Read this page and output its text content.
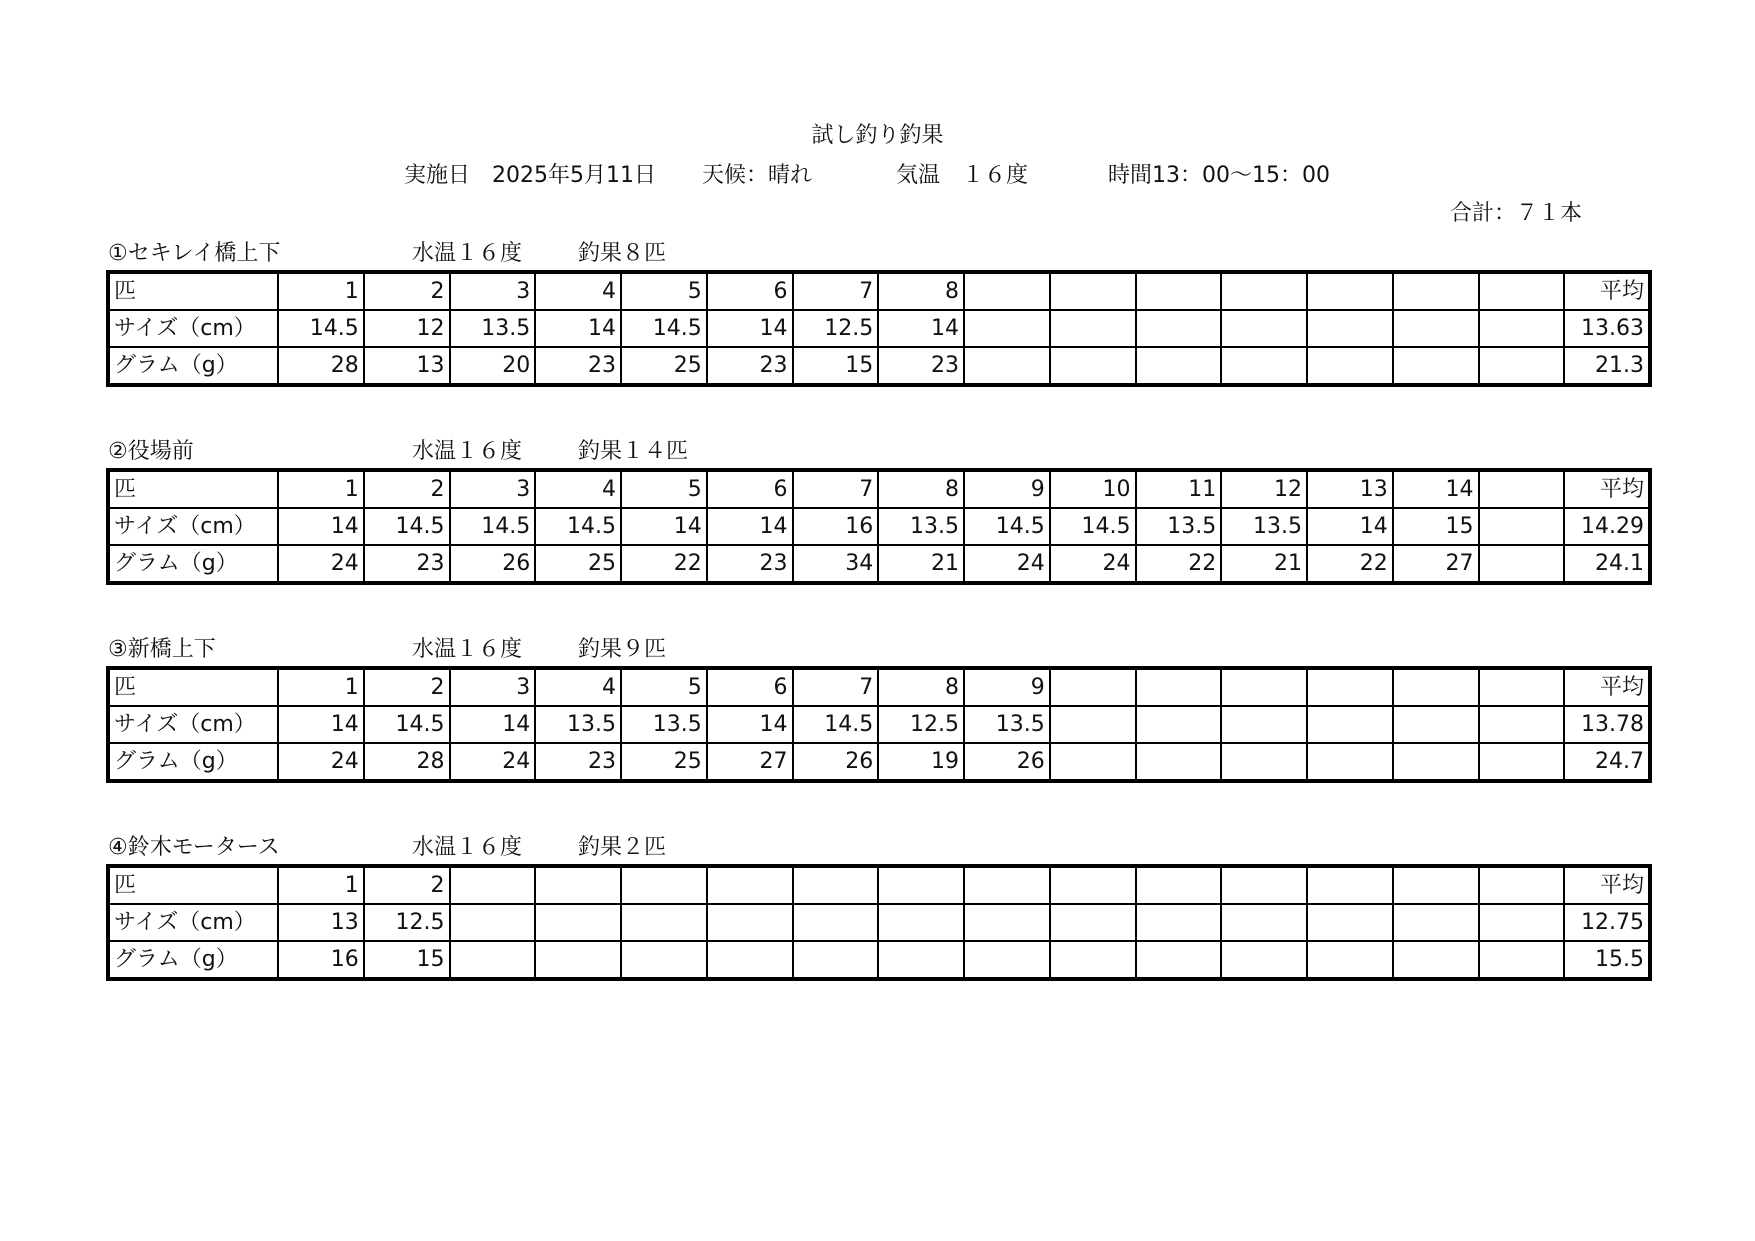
試し釣り釣果
実施日　2025年5月11日 天候：晴れ	気温　１６度	時間13：00～15：00
合計：７１本
①セキレイ橋上下	水温１６度	釣果８匹
匹	1	2	3	4	5	6	7	8								平均
サイズ（cm）	14.5	12	13.5	14	14.5	14	12.5	14								13.63
グラム（g）	28	13	20	23	25	23	15	23								21.3
②役場前	水温１６度	釣果１４匹
匹	1	2	3	4	5	6	7	8	9	10	11	12	13	14		平均
サイズ（cm）	14	14.5	14.5	14.5	14	14	16	13.5	14.5	14.5	13.5	13.5	14	15		14.29
グラム（g）	24	23	26	25	22	23	34	21	24	24	22	21	22	27		24.1
③新橋上下	水温１６度	釣果９匹
匹	1	2	3	4	5	6	7	8	9							平均
サイズ（cm）	14	14.5	14	13.5	13.5	14	14.5	12.5	13.5							13.78
グラム（g）	24	28	24	23	25	27	26	19	26							24.7
④鈴木モータース	水温１６度	釣果２匹
匹	1	2														平均
サイズ（cm）	13	12.5														12.75
グラム（g）	16	15														15.5
